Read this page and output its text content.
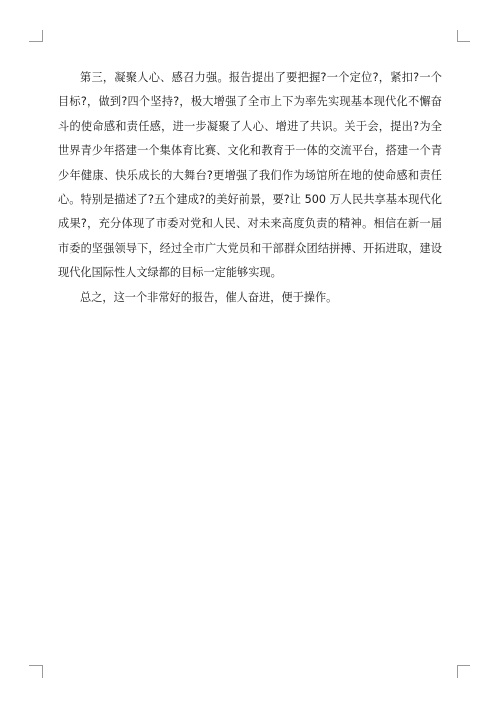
第三，凝聚人心、感召力强。报告提出了要把握?一个定位?，紧扣?一个目标?，做到?四个坚持?，极大增强了全市上下为率先实现基本现代化不懈奋斗的使命感和责任感，进一步凝聚了人心、增进了共识。关于会，提出?为全世界青少年搭建一个集体育比赛、文化和教育于一体的交流平台，搭建一个青少年健康、快乐成长的大舞台?更增强了我们作为场馆所在地的使命感和责任心。特别是描述了?五个建成?的美好前景，要?让 500 万人民共享基本现代化成果?，充分体现了市委对党和人民、对未来高度负责的精神。相信在新一届市委的坚强领导下，经过全市广大党员和干部群众团结拼搏、开拓进取，建设现代化国际性人文绿都的目标一定能够实现。

总之，这一个非常好的报告，催人奋进，便于操作。
